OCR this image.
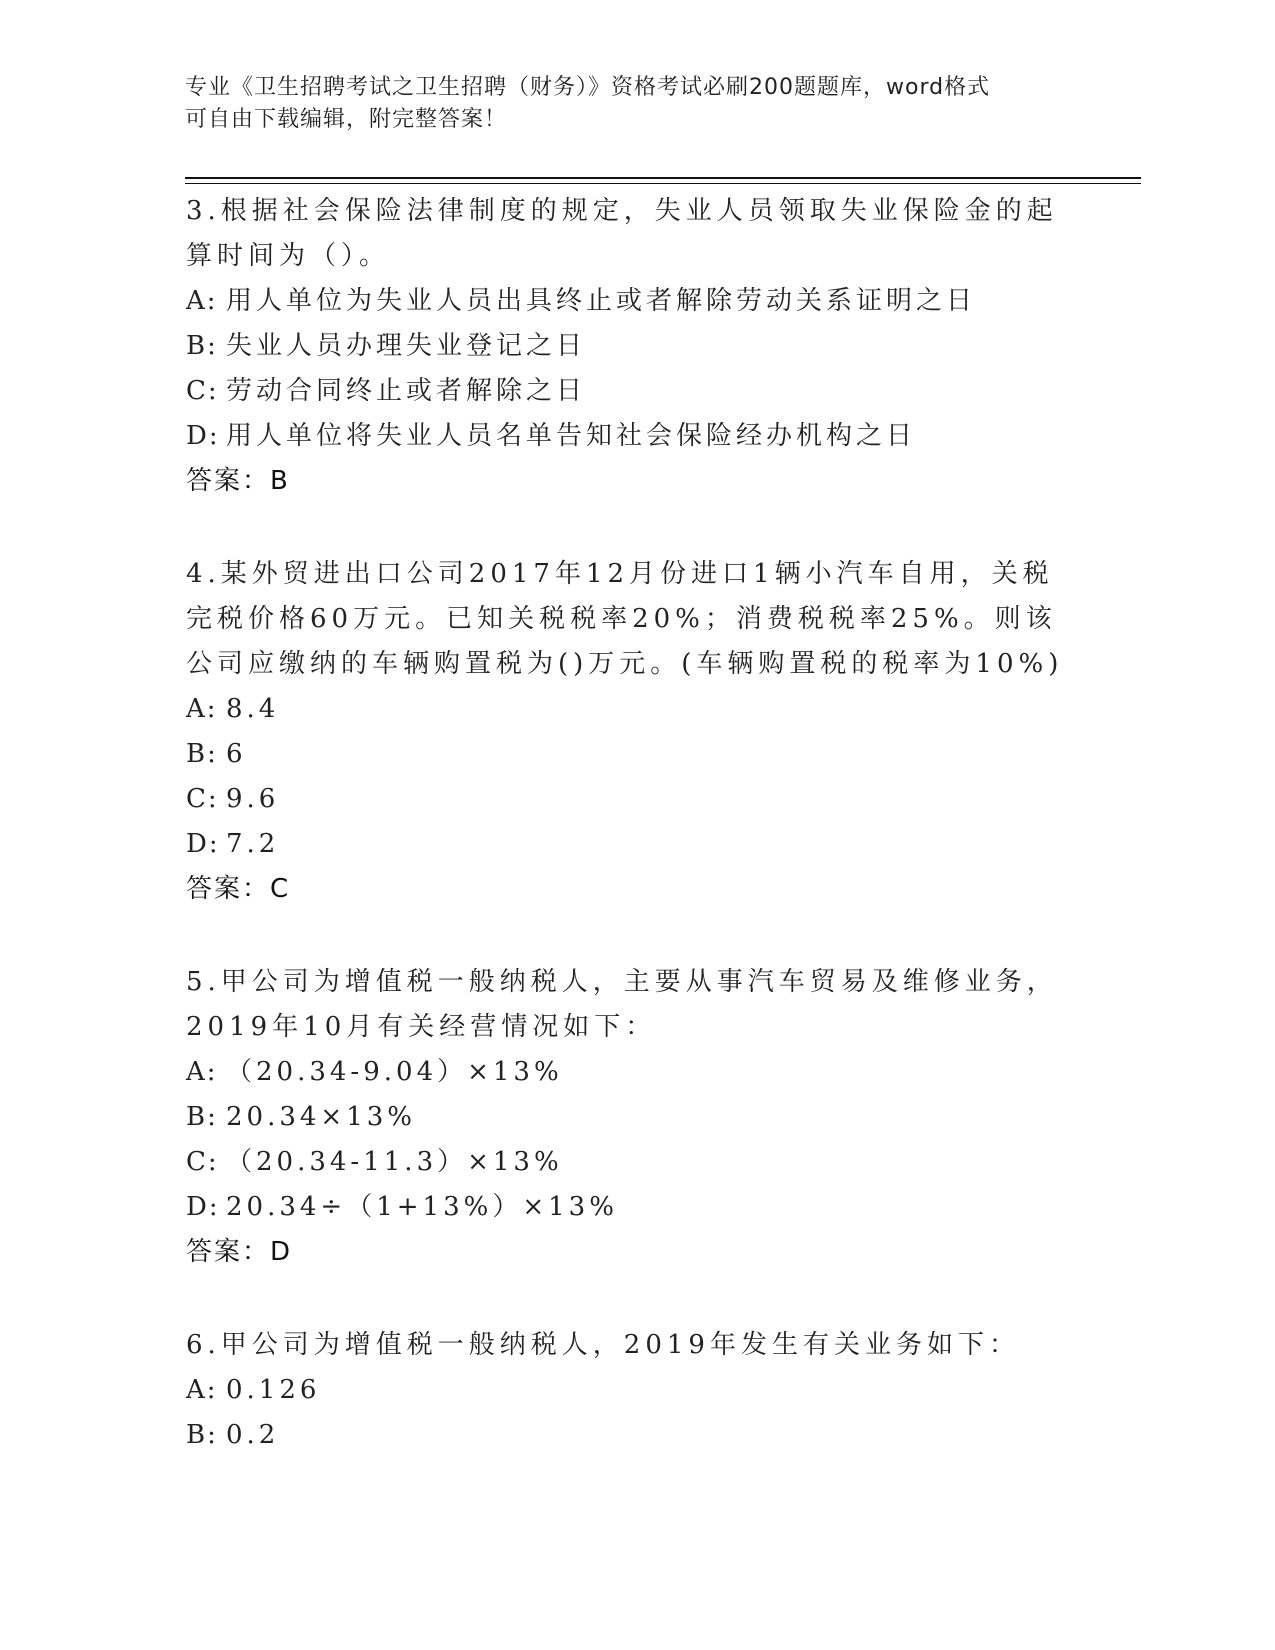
专业《卫生招聘考试之卫生招聘（财务）》资格考试必刷200题题库，word格式
可自由下载编辑，附完整答案！

3.根据社会保险法律制度的规定，失业人员领取失业保险金的起算时间为（）。

A: 用人单位为失业人员出具终止或者解除劳动关系证明之日
B: 失业人员办理失业登记之日
C: 劳动合同终止或者解除之日
D: 用人单位将失业人员名单告知社会保险经办机构之日

答案：B

4.某外贸进出口公司2017年12月份进口1辆小汽车自用，关税完税价格60万元。已知关税税率20%；消费税税率25%。则该公司应缴纳的车辆购置税为()万元。(车辆购置税的税率为10%)

A: 8.4
B: 6
C: 9.6
D: 7.2

答案：C

5.甲公司为增值税一般纳税人，主要从事汽车贸易及维修业务，2019年10月有关经营情况如下：

A: （20.34-9.04）×13%
B: 20.34×13%
C: （20.34-11.3）×13%
D: 20.34÷（1+13%）×13%

答案：D

6.甲公司为增值税一般纳税人，2019年发生有关业务如下：

A: 0.126
B: 0.2
